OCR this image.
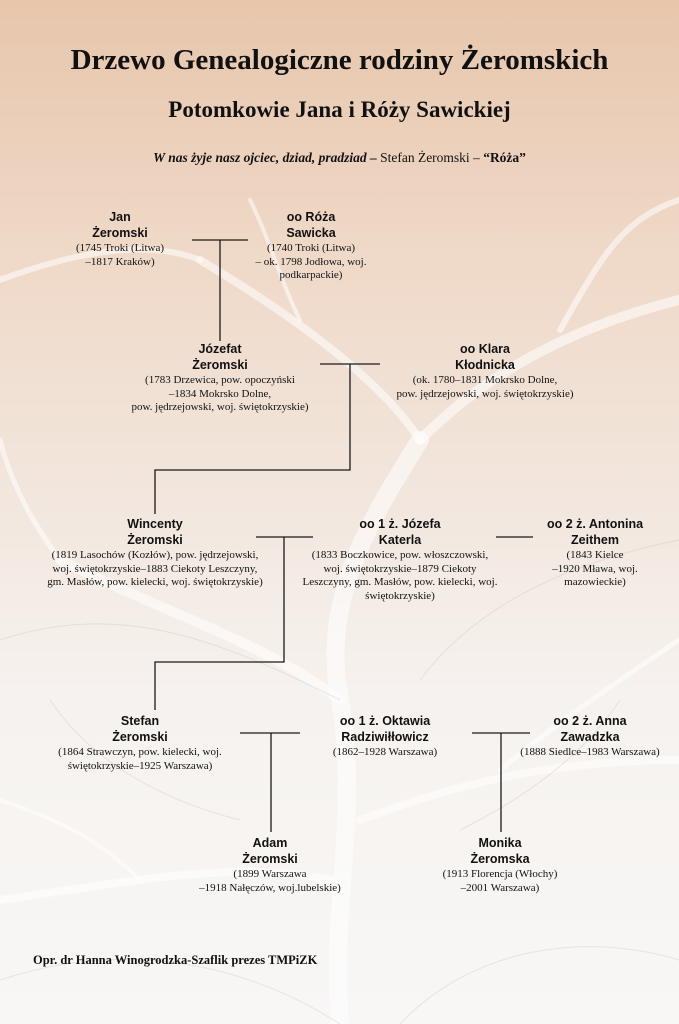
Drzewo Genealogiczne rodziny Żeromskich
Potomkowie Jana i Róży Sawickiej
W nas żyje nasz ojciec, dziad, pradziad – Stefan Żeromski – “Róża”
Jan
Żeromski
(1745 Troki (Litwa)
–1817 Kraków)
oo Róża
Sawicka
(1740 Troki (Litwa)
– ok. 1798 Jodłowa, woj.
podkarpackie)
Józefat
Żeromski
(1783 Drzewica, pow. opoczyński
–1834 Mokrsko Dolne,
pow. jędrzejowski, woj. świętokrzyskie)
oo Klara
Kłodnicka
(ok. 1780–1831 Mokrsko Dolne,
pow. jędrzejowski, woj. świętokrzyskie)
Wincenty
Żeromski
(1819 Lasochów (Kozłów), pow. jędrzejowski,
woj. świętokrzyskie–1883 Ciekoty Leszczyny,
gm. Masłów, pow. kielecki, woj. świętokrzyskie)
oo 1 ż. Józefa
Katerla
(1833 Boczkowice, pow. włoszczowski,
woj. świętokrzyskie–1879 Ciekoty
Leszczyny, gm. Masłów, pow. kielecki, woj.
świętokrzyskie)
oo 2 ż. Antonina
Zeithem
(1843 Kielce
–1920 Mława, woj.
mazowieckie)
Stefan
Żeromski
(1864 Strawczyn, pow. kielecki, woj.
świętokrzyskie–1925 Warszawa)
oo 1 ż. Oktawia
Radziwiłłowicz
(1862–1928 Warszawa)
oo 2 ż. Anna
Zawadzka
(1888 Siedlce–1983 Warszawa)
Adam
Żeromski
(1899 Warszawa
–1918 Nałęczów, woj.lubelskie)
Monika
Żeromska
(1913 Florencja (Włochy)
–2001 Warszawa)
Opr. dr Hanna Winogrodzka-Szaflik prezes TMPiZK
